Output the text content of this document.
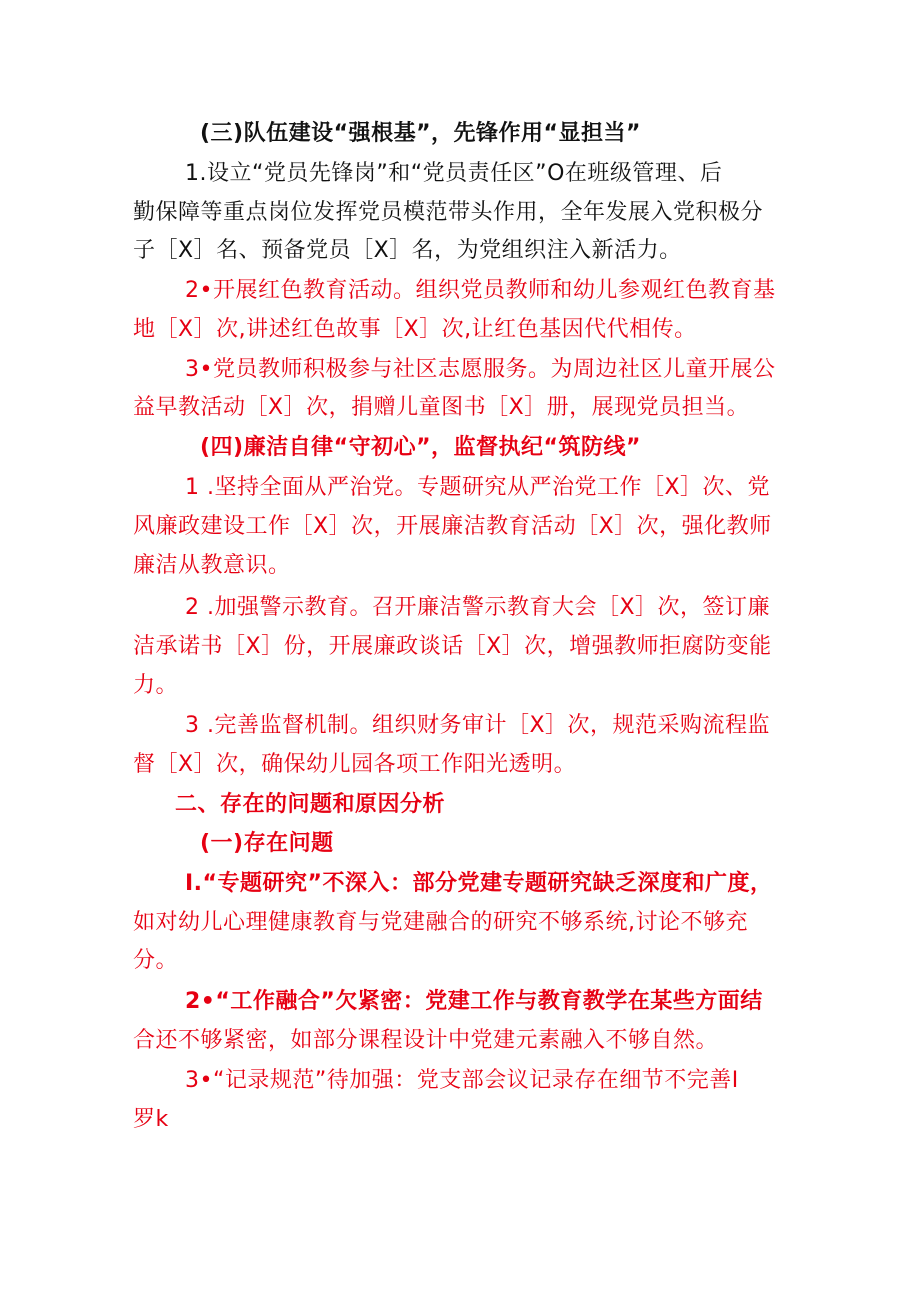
(三)队伍建设“强根基”，先锋作用“显担当”
1.设立“党员先锋岗”和“党员责任区”O在班级管理、后
勤保障等重点岗位发挥党员模范带头作用，全年发展入党积极分
子［X］名、预备党员［X］名，为党组织注入新活力。
2•开展红色教育活动。组织党员教师和幼儿参观红色教育基
地［X］次,讲述红色故事［X］次,让红色基因代代相传。
3•党员教师积极参与社区志愿服务。为周边社区儿童开展公
益早教活动［X］次，捐赠儿童图书［X］册，展现党员担当。
(四)廉洁自律“守初心”，监督执纪“筑防线”
1 .坚持全面从严治党。专题研究从严治党工作［X］次、党
风廉政建设工作［X］次，开展廉洁教育活动［X］次，强化教师
廉洁从教意识。
2 .加强警示教育。召开廉洁警示教育大会［X］次，签订廉
洁承诺书［X］份，开展廉政谈话［X］次，增强教师拒腐防变能
力。
3 .完善监督机制。组织财务审计［X］次，规范采购流程监
督［X］次，确保幼儿园各项工作阳光透明。
二、存在的问题和原因分析
(一)存在问题
I.“专题研究”不深入：部分党建专题研究缺乏深度和广度，
如对幼儿心理健康教育与党建融合的研究不够系统,讨论不够充
分。
2•“工作融合”欠紧密：党建工作与教育教学在某些方面结
合还不够紧密，如部分课程设计中党建元素融入不够自然。
3•“记录规范”待加强：党支部会议记录存在细节不完善I
罗k
